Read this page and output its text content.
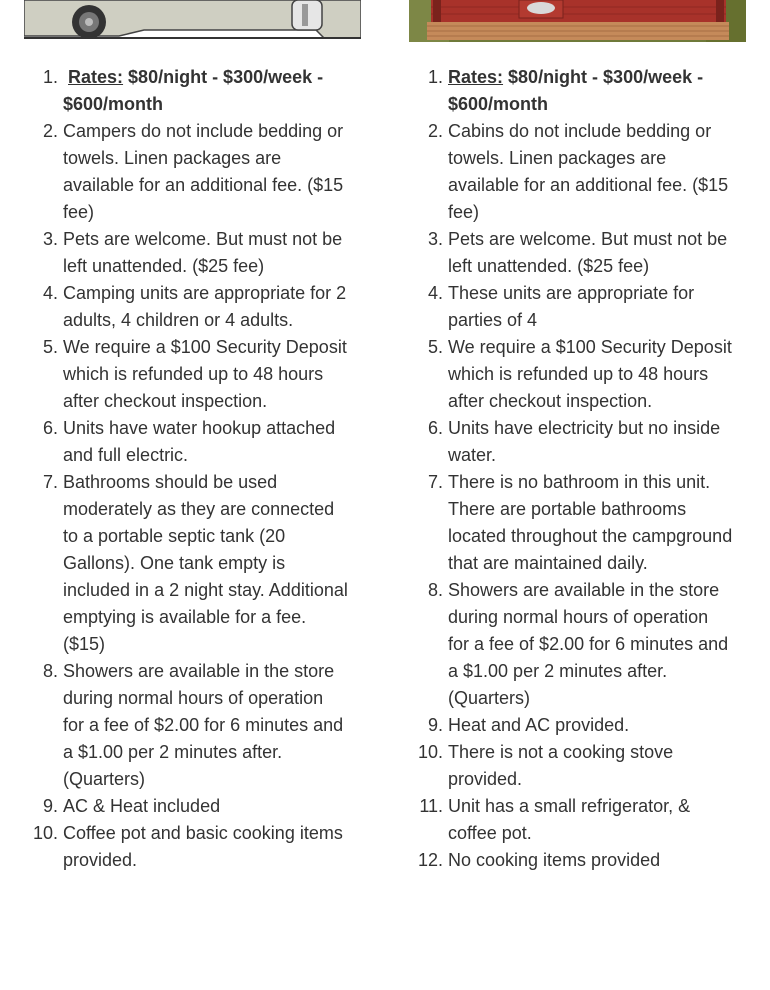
1. Rates: $80/night - $300/week - $600/month
2. Campers do not include bedding or towels. Linen packages are available for an additional fee. ($15 fee)
3. Pets are welcome. But must not be left unattended. ($25 fee)
4. Camping units are appropriate for 2 adults, 4 children or 4 adults.
5. We require a $100 Security Deposit which is refunded up to 48 hours after checkout inspection.
6. Units have water hookup attached and full electric.
7. Bathrooms should be used moderately as they are connected to a portable septic tank (20 Gallons). One tank empty is included in a 2 night stay. Additional emptying is available for a fee. ($15)
8. Showers are available in the store during normal hours of operation for a fee of $2.00 for 6 minutes and a $1.00 per 2 minutes after. (Quarters)
9. AC & Heat included
10. Coffee pot and basic cooking items provided.
1. Rates: $80/night - $300/week - $600/month
2. Cabins do not include bedding or towels. Linen packages are available for an additional fee. ($15 fee)
3. Pets are welcome. But must not be left unattended. ($25 fee)
4. These units are appropriate for parties of 4
5. We require a $100 Security Deposit which is refunded up to 48 hours after checkout inspection.
6. Units have electricity but no inside water.
7. There is no bathroom in this unit. There are portable bathrooms located throughout the campground that are maintained daily.
8. Showers are available in the store during normal hours of operation for a fee of $2.00 for 6 minutes and a $1.00 per 2 minutes after. (Quarters)
9. Heat and AC provided.
10. There is not a cooking stove provided.
11. Unit has a small refrigerator, & coffee pot.
12. No cooking items provided
